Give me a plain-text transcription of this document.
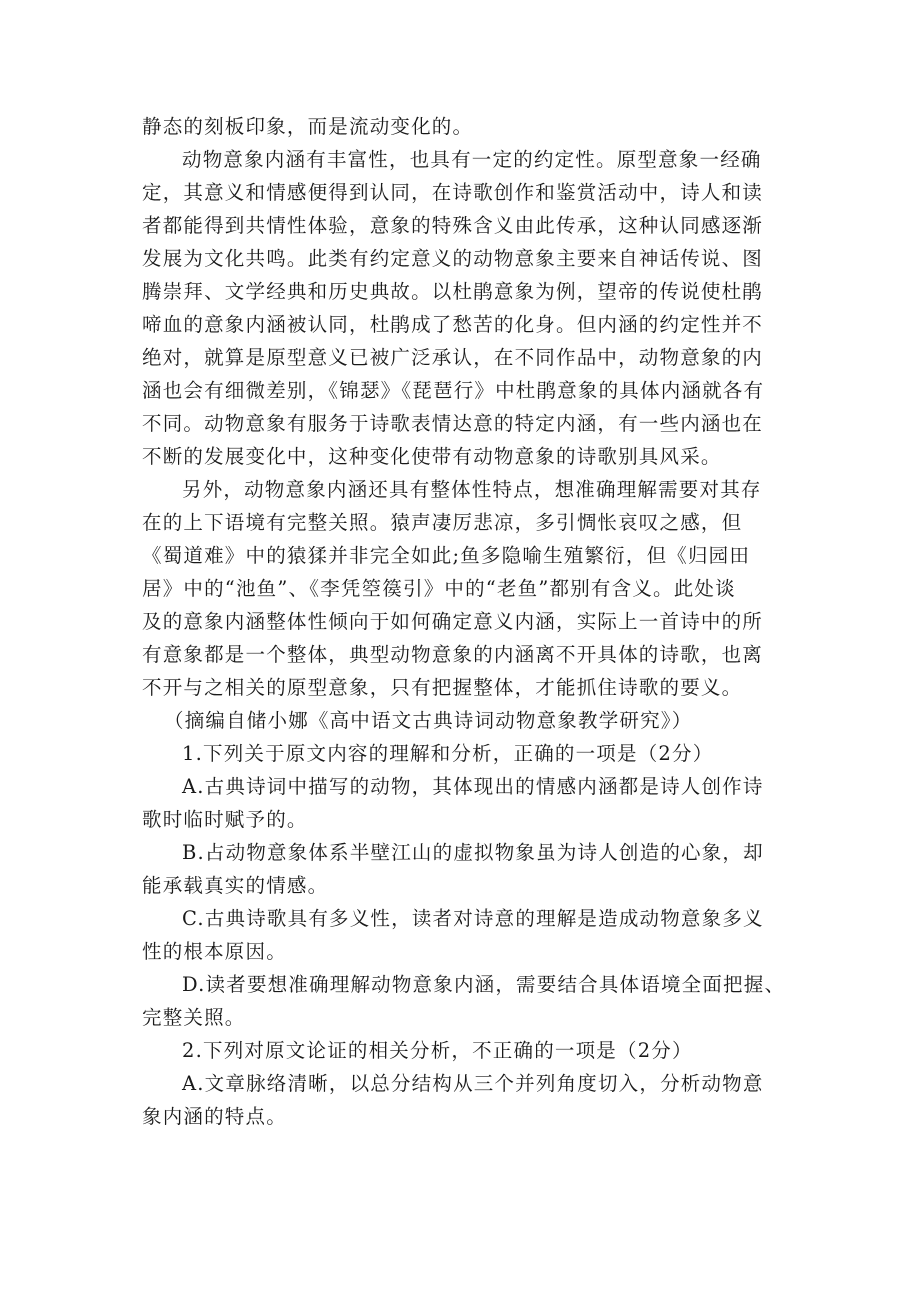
静态的刻板印象，而是流动变化的。
动物意象内涵有丰富性，也具有一定的约定性。原型意象一经确
定，其意义和情感便得到认同，在诗歌创作和鉴赏活动中，诗人和读
者都能得到共情性体验，意象的特殊含义由此传承，这种认同感逐渐
发展为文化共鸣。此类有约定意义的动物意象主要来自神话传说、图
腾崇拜、文学经典和历史典故。以杜鹃意象为例，望帝的传说使杜鹃
啼血的意象内涵被认同，杜鹃成了愁苦的化身。但内涵的约定性并不
绝对，就算是原型意义已被广泛承认，在不同作品中，动物意象的内
涵也会有细微差别，《锦瑟》《琵琶行》中杜鹃意象的具体内涵就各有
不同。动物意象有服务于诗歌表情达意的特定内涵，有一些内涵也在
不断的发展变化中，这种变化使带有动物意象的诗歌别具风采。
另外，动物意象内涵还具有整体性特点，想准确理解需要对其存
在的上下语境有完整关照。猿声凄厉悲凉，多引惆怅哀叹之感，但
《蜀道难》中的猿猱并非完全如此;鱼多隐喻生殖繁衍，但《归园田
居》中的“池鱼”、《李凭箜篌引》中的“老鱼”都别有含义。此处谈
及的意象内涵整体性倾向于如何确定意义内涵，实际上一首诗中的所
有意象都是一个整体，典型动物意象的内涵离不开具体的诗歌，也离
不开与之相关的原型意象，只有把握整体，才能抓住诗歌的要义。
（摘编自储小娜《高中语文古典诗词动物意象教学研究》）
1.下列关于原文内容的理解和分析，正确的一项是（2分）
A.古典诗词中描写的动物，其体现出的情感内涵都是诗人创作诗
歌时临时赋予的。
B.占动物意象体系半壁江山的虚拟物象虽为诗人创造的心象，却
能承载真实的情感。
C.古典诗歌具有多义性，读者对诗意的理解是造成动物意象多义
性的根本原因。
D.读者要想准确理解动物意象内涵，需要结合具体语境全面把握、
完整关照。
2.下列对原文论证的相关分析，不正确的一项是（2分）
A.文章脉络清晰，以总分结构从三个并列角度切入，分析动物意
象内涵的特点。
